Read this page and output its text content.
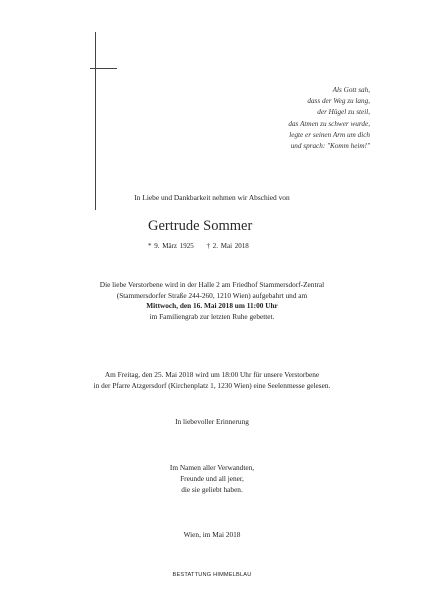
Als Gott sah,
dass der Weg zu lang,
der Hügel zu steil,
das Atmen zu schwer wurde,
legte er seinen Arm um dich
und sprach: "Komm heim!"
In Liebe und Dankbarkeit nehmen wir Abschied von
Gertrude Sommer
* 9. März 1925 † 2. Mai 2018
Die liebe Verstorbene wird in der Halle 2 am Friedhof Stammersdorf-Zentral
(Stammersdorfer Straße 244-260, 1210 Wien) aufgebahrt und am
Mittwoch, den 16. Mai 2018 um 11:00 Uhr
im Familiengrab zur letzten Ruhe gebettet.
Am Freitag, den 25. Mai 2018 wird um 18:00 Uhr für unsere Verstorbene
in der Pfarre Atzgersdorf (Kirchenplatz 1, 1230 Wien) eine Seelenmesse gelesen.
In liebevoller Erinnerung
Im Namen aller Verwandten,
Freunde und all jener,
die sie geliebt haben.
Wien, im Mai 2018
BESTATTUNG HIMMELBLAU
